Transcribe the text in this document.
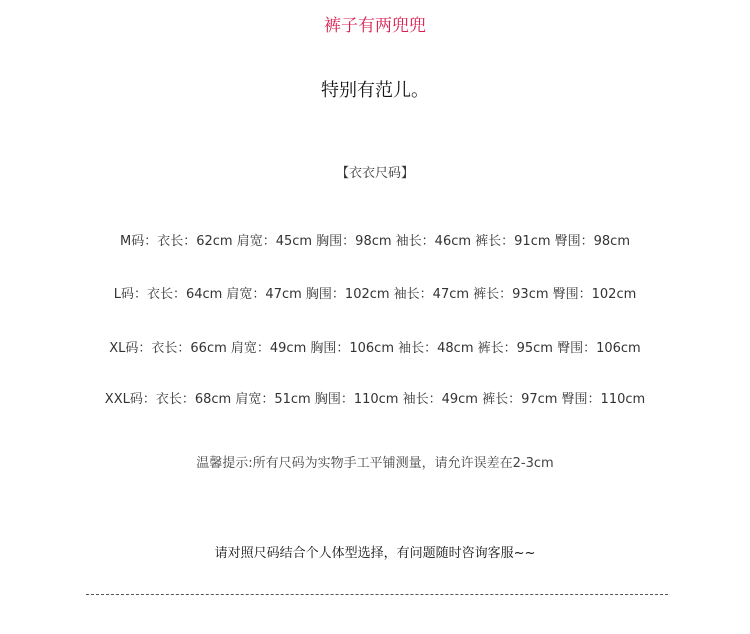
裤子有两兜兜
特别有范儿。
【衣衣尺码】
M码：衣长：62cm 肩宽：45cm 胸围：98cm 袖长：46cm 裤长：91cm 臀围：98cm
L码：衣长：64cm 肩宽：47cm 胸围：102cm 袖长：47cm 裤长：93cm 臀围：102cm
XL码：衣长：66cm 肩宽：49cm 胸围：106cm 袖长：48cm 裤长：95cm 臀围：106cm
XXL码：衣长：68cm 肩宽：51cm 胸围：110cm 袖长：49cm 裤长：97cm 臀围：110cm
温馨提示:所有尺码为实物手工平铺测量，请允许误差在2-3cm
请对照尺码结合个人体型选择，有问题随时咨询客服~~
